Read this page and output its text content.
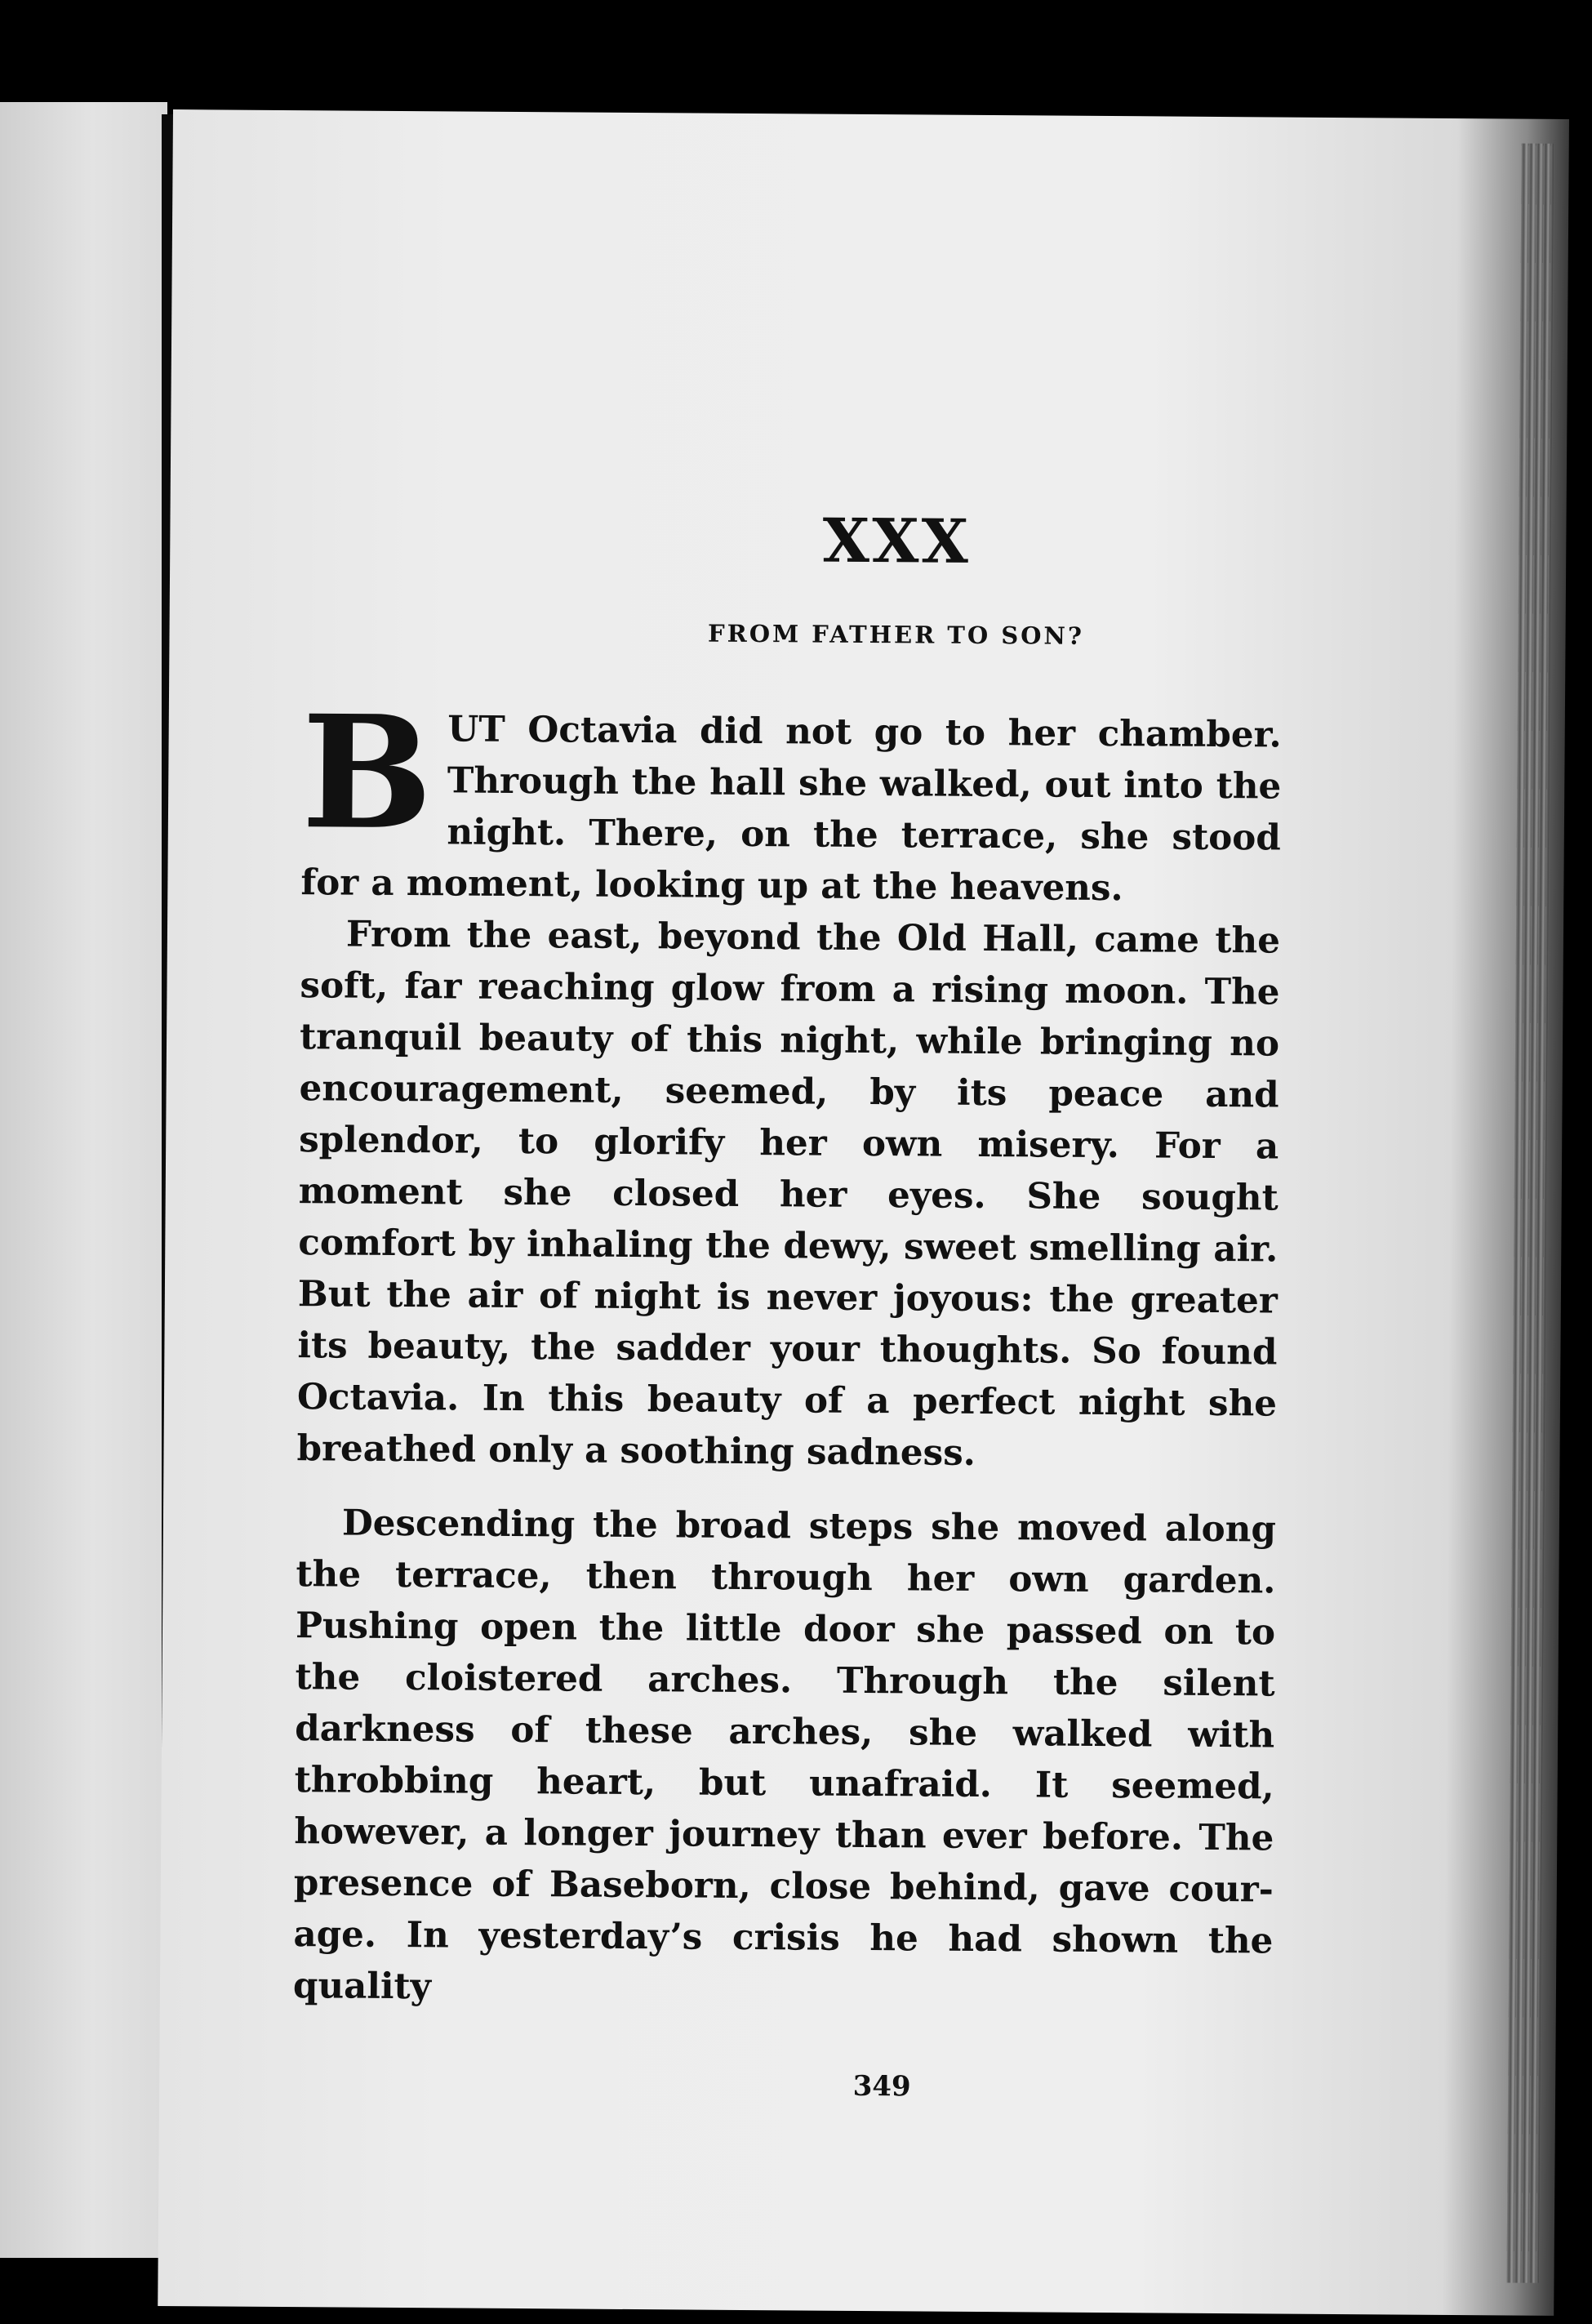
XXX
FROM FATHER TO SON?

BUT Octavia did not go to her chamber. Through the hall she walked, out into the night. There, on the terrace, she stood for a moment, looking up at the heavens.

From the east, beyond the Old Hall, came the soft, far reaching glow from a rising moon. The tranquil beauty of this night, while bringing no encouragement, seemed, by its peace and splendor, to glorify her own misery. For a moment she closed her eyes. She sought comfort by inhaling the dewy, sweet smelling air. But the air of night is never joyous: the greater its beauty, the sadder your thoughts. So found Octavia. In this beauty of a perfect night she breathed only a soothing sadness.

Descending the broad steps she moved along the terrace, then through her own garden. Pushing open the little door she passed on to the cloistered arches. Through the silent darkness of these arches, she walked with throbbing heart, but unafraid. It seemed, however, a longer journey than ever before. The presence of Baseborn, close behind, gave courage. In yesterday’s crisis he had shown the quality

349
